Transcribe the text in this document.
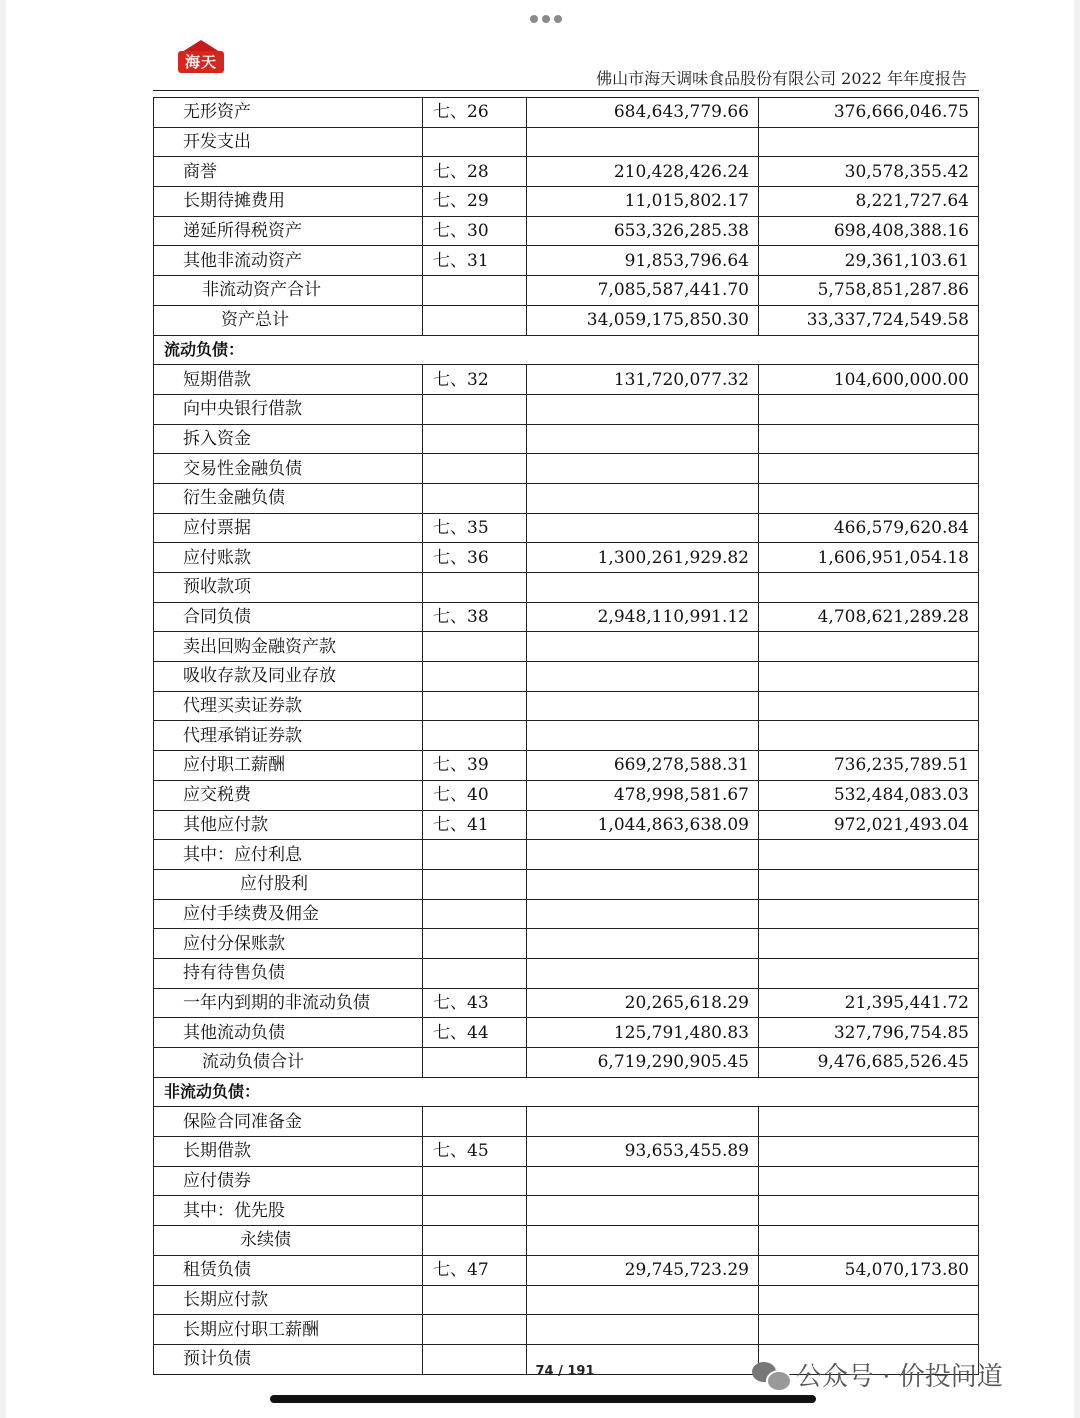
海天
佛山市海天调味食品股份有限公司 2022 年年度报告
无形资产	七、26	684,643,779.66	376,666,046.75
开发支出			
商誉	七、28	210,428,426.24	30,578,355.42
长期待摊费用	七、29	11,015,802.17	8,221,727.64
递延所得税资产	七、30	653,326,285.38	698,408,388.16
其他非流动资产	七、31	91,853,796.64	29,361,103.61
非流动资产合计		7,085,587,441.70	5,758,851,287.86
资产总计		34,059,175,850.30	33,337,724,549.58
流动负债：			
短期借款	七、32	131,720,077.32	104,600,000.00
向中央银行借款			
拆入资金			
交易性金融负债			
衍生金融负债			
应付票据	七、35		466,579,620.84
应付账款	七、36	1,300,261,929.82	1,606,951,054.18
预收款项			
合同负债	七、38	2,948,110,991.12	4,708,621,289.28
卖出回购金融资产款			
吸收存款及同业存放			
代理买卖证券款			
代理承销证券款			
应付职工薪酬	七、39	669,278,588.31	736,235,789.51
应交税费	七、40	478,998,581.67	532,484,083.03
其他应付款	七、41	1,044,863,638.09	972,021,493.04
其中：应付利息			
应付股利			
应付手续费及佣金			
应付分保账款			
持有待售负债			
一年内到期的非流动负债	七、43	20,265,618.29	21,395,441.72
其他流动负债	七、44	125,791,480.83	327,796,754.85
流动负债合计		6,719,290,905.45	9,476,685,526.45
非流动负债：			
保险合同准备金			
长期借款	七、45	93,653,455.89	
应付债券			
其中：优先股			
永续债			
租赁负债	七、47	29,745,723.29	54,070,173.80
长期应付款			
长期应付职工薪酬			
预计负债			
74 / 191	公众号 · 价投问道
